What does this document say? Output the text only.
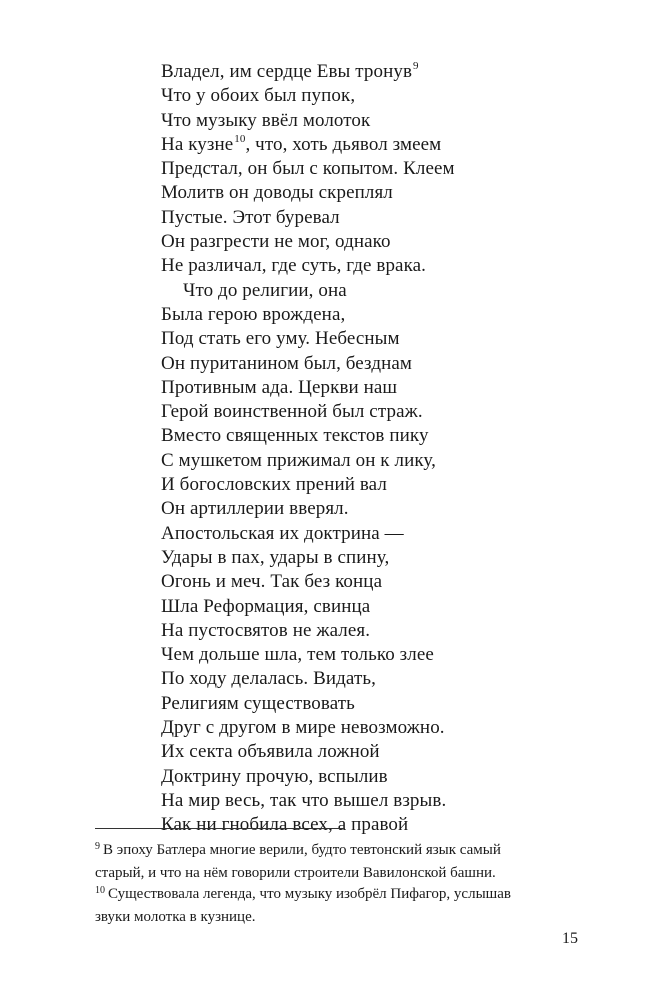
Владел, им сердце Евы тронув$^9$
Что у обоих был пупок,
Что музыку ввёл молоток
На кузне$^{10}$, что, хоть дьявол змеем
Предстал, он был с копытом. Клеем
Молитв он доводы скреплял
Пустые. Этот буревал
Он разгрести не мог, однако
Не различал, где суть, где врака.
Что до религии, она
Была герою врождена,
Под стать его уму. Небесным
Он пуританином был, безднам
Противным ада. Церкви наш
Герой воинственной был страж.
Вместо священных текстов пику
С мушкетом прижимал он к лику,
И богословских прений вал
Он артиллерии вверял.
Апостольская их доктрина —
Удары в пах, удары в спину,
Огонь и меч. Так без конца
Шла Реформация, свинца
На пустосвятов не жалея.
Чем дольше шла, тем только злее
По ходу делалась. Видать,
Религиям существовать
Друг с другом в мире невозможно.
Их секта объявила ложной
Доктрину прочую, вспылив
На мир весь, так что вышел взрыв.
Как ни гнобила всех, а правой
$^9$ В эпоху Батлера многие верили, будто тевтонский язык самый
старый, и что на нём говорили строители Вавилонской башни.
$^{10}$ Существовала легенда, что музыку изобрёл Пифагор, услышав
звуки молотка в кузнице.
15
